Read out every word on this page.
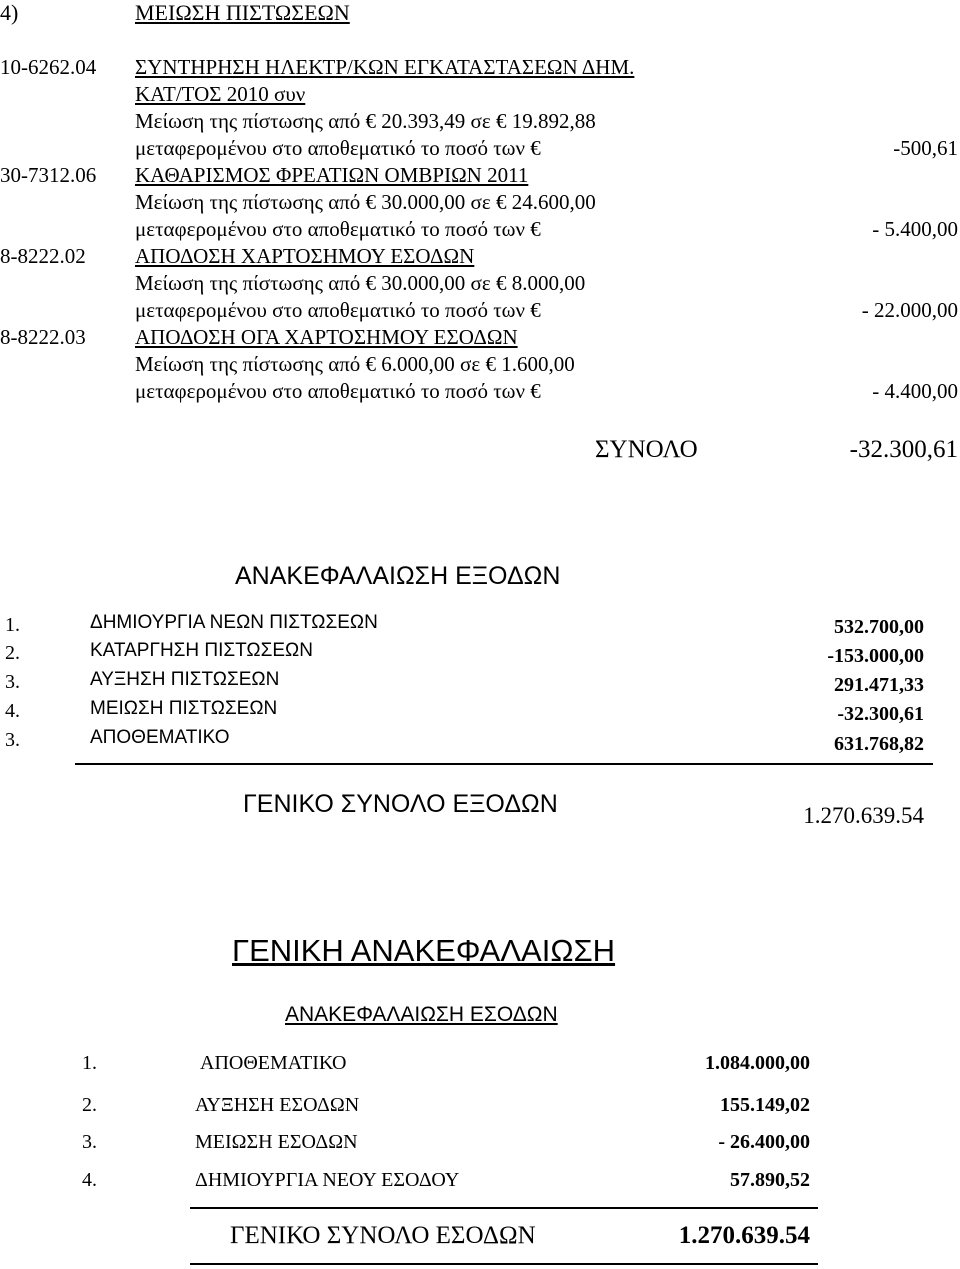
4)	ΜΕΙΩΣΗ ΠΙΣΤΩΣΕΩΝ
10-6262.04 ΣΥΝΤΗΡΗΣΗ ΗΛΕΚΤΡ/ΚΩΝ ΕΓΚΑΤΑΣΤΑΣΕΩΝ ΔΗΜ.
ΚΑΤ/ΤΟΣ 2010 συν
Μείωση της πίστωσης από € 20.393,49 σε € 19.892,88
μεταφερομένου στο αποθεματικό το ποσό των €	-500,61
30-7312.06 ΚΑΘΑΡΙΣΜΟΣ ΦΡΕΑΤΙΩΝ ΟΜΒΡΙΩΝ 2011
Μείωση της πίστωσης από € 30.000,00 σε € 24.600,00
μεταφερομένου στο αποθεματικό το ποσό των €	- 5.400,00
8-8222.02 ΑΠΟΔΟΣΗ ΧΑΡΤΟΣΗΜΟΥ ΕΣΟΔΩΝ
Μείωση της πίστωσης από € 30.000,00 σε € 8.000,00
μεταφερομένου στο αποθεματικό το ποσό των €	- 22.000,00
8-8222.03 ΑΠΟΔΟΣΗ ΟΓΑ ΧΑΡΤΟΣΗΜΟΥ ΕΣΟΔΩΝ
Μείωση της πίστωσης από € 6.000,00 σε € 1.600,00
μεταφερομένου στο αποθεματικό το ποσό των €	- 4.400,00
ΣΥΝΟΛΟ	-32.300,61
ΑΝΑΚΕΦΑΛΑΙΩΣΗ ΕΞΟΔΩΝ
1.	ΔΗΜΙΟΥΡΓΙΑ ΝΕΩΝ ΠΙΣΤΩΣΕΩΝ	532.700,00
2.	ΚΑΤΑΡΓΗΣΗ ΠΙΣΤΩΣΕΩΝ	-153.000,00
3.	ΑΥΞΗΣΗ ΠΙΣΤΩΣΕΩΝ	291.471,33
4.	ΜΕΙΩΣΗ ΠΙΣΤΩΣΕΩΝ	-32.300,61
3.	ΑΠΟΘΕΜΑΤΙΚΟ	631.768,82
ΓΕΝΙΚΟ ΣΥΝΟΛΟ ΕΞΟΔΩΝ	1.270.639.54
ΓΕΝΙΚΗ ΑΝΑΚΕΦΑΛΑΙΩΣΗ
ΑΝΑΚΕΦΑΛΑΙΩΣΗ ΕΣΟΔΩΝ
1.	ΑΠΟΘΕΜΑΤΙΚΟ	1.084.000,00
2.	ΑΥΞΗΣΗ ΕΣΟΔΩΝ	155.149,02
3.	ΜΕΙΩΣΗ ΕΣΟΔΩΝ	- 26.400,00
4.	ΔΗΜΙΟΥΡΓΙΑ ΝΕΟΥ ΕΣΟΔΟΥ	57.890,52
ΓΕΝΙΚΟ ΣΥΝΟΛΟ ΕΣΟΔΩΝ	1.270.639.54
